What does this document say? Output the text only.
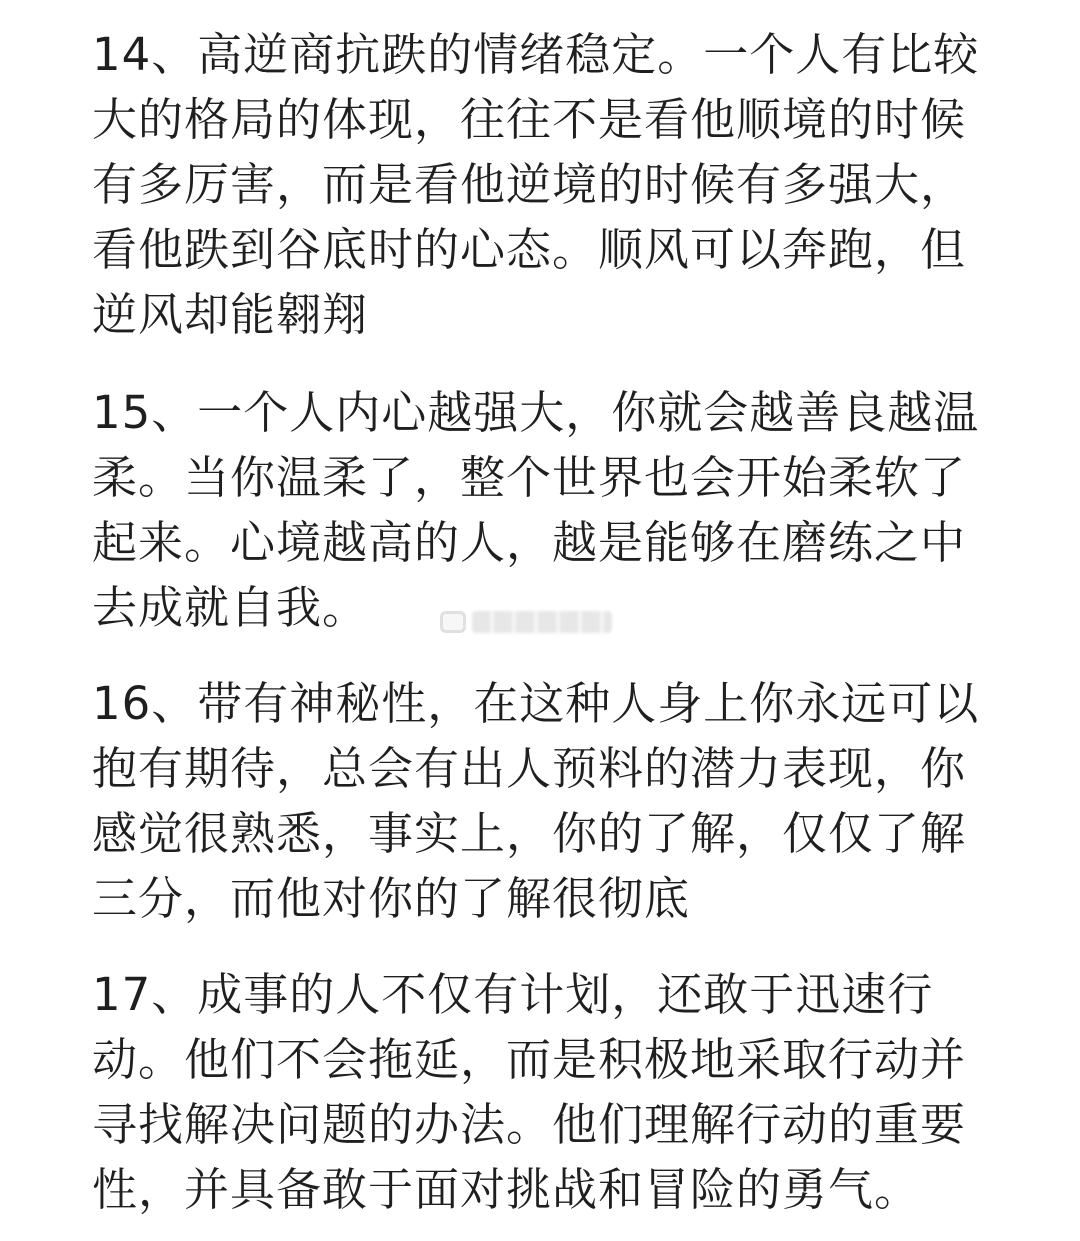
14、高逆商抗跌的情绪稳定。一个人有比较
大的格局的体现，往往不是看他顺境的时候
有多厉害，而是看他逆境的时候有多强大，
看他跌到谷底时的心态。顺风可以奔跑，但
逆风却能翱翔

15、一个人内心越强大，你就会越善良越温
柔。当你温柔了，整个世界也会开始柔软了
起来。心境越高的人，越是能够在磨练之中
去成就自我。

16、带有神秘性，在这种人身上你永远可以
抱有期待，总会有出人预料的潜力表现，你
感觉很熟悉，事实上，你的了解，仅仅了解
三分，而他对你的了解很彻底

17、成事的人不仅有计划，还敢于迅速行
动。他们不会拖延，而是积极地采取行动并
寻找解决问题的办法。他们理解行动的重要
性，并具备敢于面对挑战和冒险的勇气。
